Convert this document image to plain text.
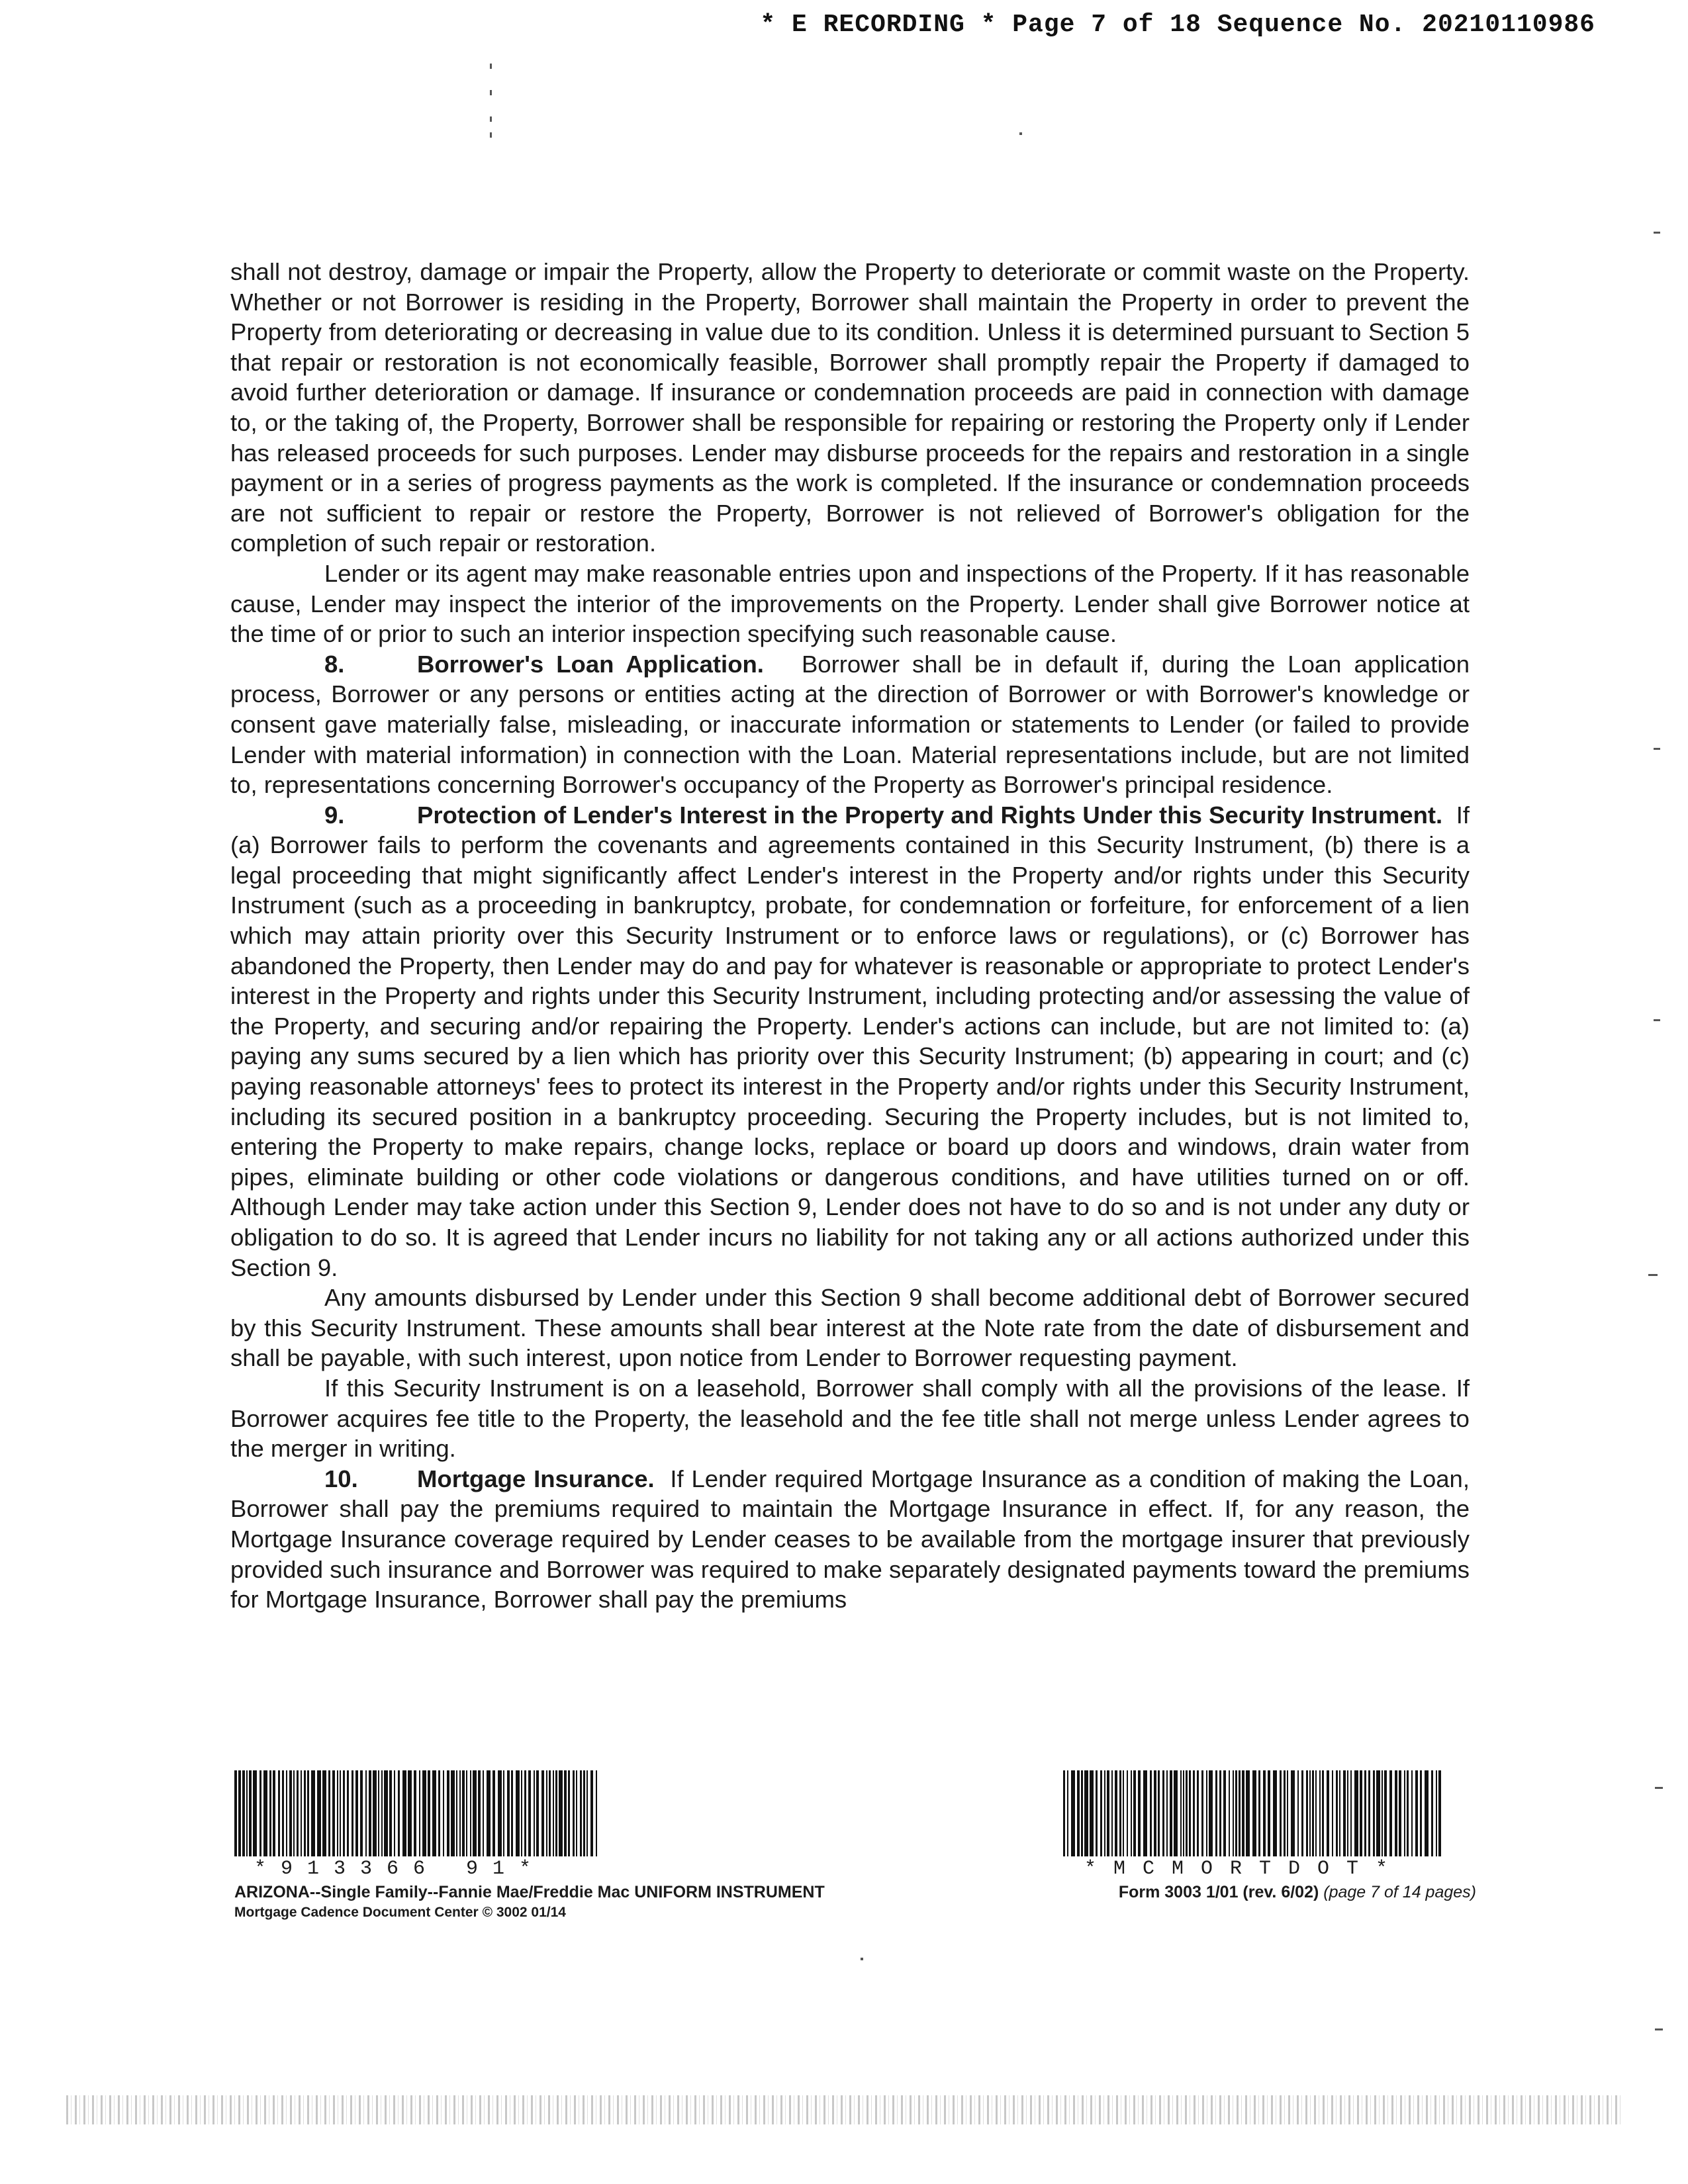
* E RECORDING * Page 7 of 18 Sequence No. 20210110986

shall not destroy, damage or impair the Property, allow the Property to deteriorate or commit waste on the Property. Whether or not Borrower is residing in the Property, Borrower shall maintain the Property in order to prevent the Property from deteriorating or decreasing in value due to its condition. Unless it is determined pursuant to Section 5 that repair or restoration is not economically feasible, Borrower shall promptly repair the Property if damaged to avoid further deterioration or damage. If insurance or condemnation proceeds are paid in connection with damage to, or the taking of, the Property, Borrower shall be responsible for repairing or restoring the Property only if Lender has released proceeds for such purposes. Lender may disburse proceeds for the repairs and restoration in a single payment or in a series of progress payments as the work is completed. If the insurance or condemnation proceeds are not sufficient to repair or restore the Property, Borrower is not relieved of Borrower's obligation for the completion of such repair or restoration.

Lender or its agent may make reasonable entries upon and inspections of the Property. If it has reasonable cause, Lender may inspect the interior of the improvements on the Property. Lender shall give Borrower notice at the time of or prior to such an interior inspection specifying such reasonable cause.

8.	Borrower's Loan Application. Borrower shall be in default if, during the Loan application process, Borrower or any persons or entities acting at the direction of Borrower or with Borrower's knowledge or consent gave materially false, misleading, or inaccurate information or statements to Lender (or failed to provide Lender with material information) in connection with the Loan. Material representations include, but are not limited to, representations concerning Borrower's occupancy of the Property as Borrower's principal residence.

9.	Protection of Lender's Interest in the Property and Rights Under this Security Instrument. If (a) Borrower fails to perform the covenants and agreements contained in this Security Instrument, (b) there is a legal proceeding that might significantly affect Lender's interest in the Property and/or rights under this Security Instrument (such as a proceeding in bankruptcy, probate, for condemnation or forfeiture, for enforcement of a lien which may attain priority over this Security Instrument or to enforce laws or regulations), or (c) Borrower has abandoned the Property, then Lender may do and pay for whatever is reasonable or appropriate to protect Lender's interest in the Property and rights under this Security Instrument, including protecting and/or assessing the value of the Property, and securing and/or repairing the Property. Lender's actions can include, but are not limited to: (a) paying any sums secured by a lien which has priority over this Security Instrument; (b) appearing in court; and (c) paying reasonable attorneys' fees to protect its interest in the Property and/or rights under this Security Instrument, including its secured position in a bankruptcy proceeding. Securing the Property includes, but is not limited to, entering the Property to make repairs, change locks, replace or board up doors and windows, drain water from pipes, eliminate building or other code violations or dangerous conditions, and have utilities turned on or off. Although Lender may take action under this Section 9, Lender does not have to do so and is not under any duty or obligation to do so. It is agreed that Lender incurs no liability for not taking any or all actions authorized under this Section 9.

Any amounts disbursed by Lender under this Section 9 shall become additional debt of Borrower secured by this Security Instrument. These amounts shall bear interest at the Note rate from the date of disbursement and shall be payable, with such interest, upon notice from Lender to Borrower requesting payment.

If this Security Instrument is on a leasehold, Borrower shall comply with all the provisions of the lease. If Borrower acquires fee title to the Property, the leasehold and the fee title shall not merge unless Lender agrees to the merger in writing.

10. Mortgage Insurance. If Lender required Mortgage Insurance as a condition of making the Loan, Borrower shall pay the premiums required to maintain the Mortgage Insurance in effect. If, for any reason, the Mortgage Insurance coverage required by Lender ceases to be available from the mortgage insurer that previously provided such insurance and Borrower was required to make separately designated payments toward the premiums for Mortgage Insurance, Borrower shall pay the premiums

*913366 91*
ARIZONA--Single Family--Fannie Mae/Freddie Mac UNIFORM INSTRUMENT
Mortgage Cadence Document Center © 3002 01/14
*MCMORTDOT*
Form 3003 1/01 (rev. 6/02) (page 7 of 14 pages)
